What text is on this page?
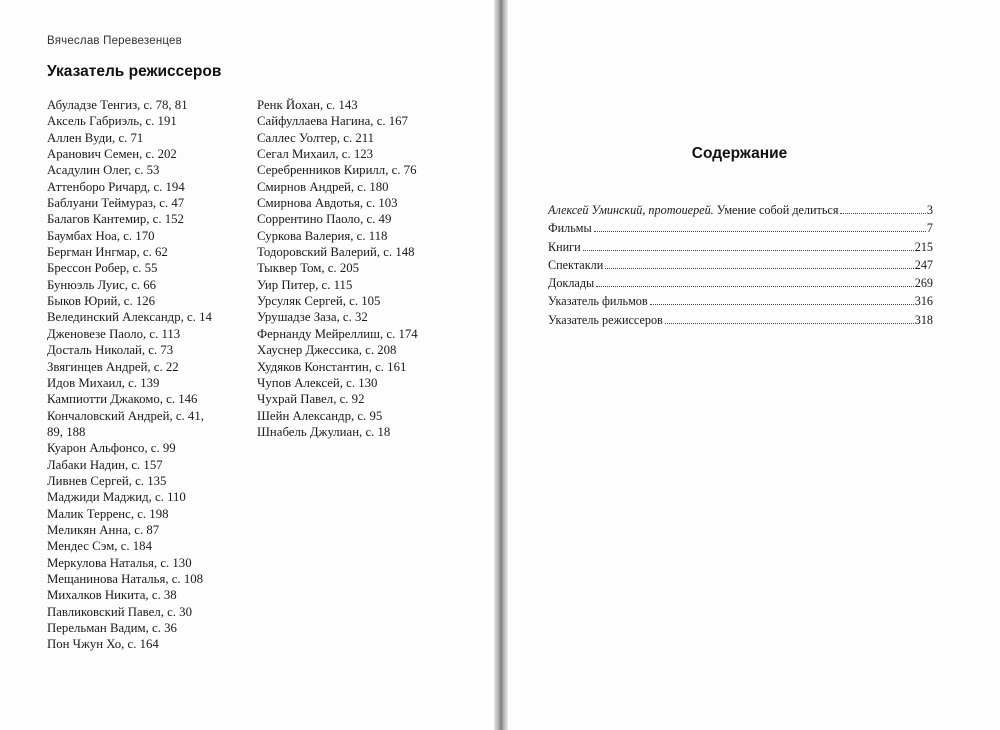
Вячеслав Перевезенцев
Указатель режиссеров
Абуладзе Тенгиз, с. 78, 81
Аксель Габриэль, с. 191
Аллен Вуди, с. 71
Аранович Семен, с. 202
Асадулин Олег, с. 53
Аттенборо Ричард, с. 194
Баблуани Теймураз, с. 47
Балагов Кантемир, с. 152
Баумбах Ноа, с. 170
Бергман Ингмар, с. 62
Брессон Робер, с. 55
Бунюэль Луис, с. 66
Быков Юрий, с. 126
Велединский Александр, с. 14
Дженовезе Паоло, с. 113
Досталь Николай, с. 73
Звягинцев Андрей, с. 22
Идов Михаил, с. 139
Кампиотти Джакомо, с. 146
Кончаловский Андрей, с. 41,
89, 188
Куарон Альфонсо, с. 99
Лабаки Надин, с. 157
Ливнев Сергей, с. 135
Маджиди Маджид, с. 110
Малик Терренс, с. 198
Меликян Анна, с. 87
Мендес Сэм, с. 184
Меркулова Наталья, с. 130
Мещанинова Наталья, с. 108
Михалков Никита, с. 38
Павликовский Павел, с. 30
Перельман Вадим, с. 36
Пон Чжун Хо, с. 164
Ренк Йохан, с. 143
Сайфуллаева Нагина, с. 167
Саллес Уолтер, с. 211
Сегал Михаил, с. 123
Серебренников Кирилл, с. 76
Смирнов Андрей, с. 180
Смирнова Авдотья, с. 103
Соррентино Паоло, с. 49
Суркова Валерия, с. 118
Тодоровский Валерий, с. 148
Тыквер Том, с. 205
Уир Питер, с. 115
Урсуляк Сергей, с. 105
Урушадзе Заза, с. 32
Фернанду Мейреллиш, с. 174
Хауснер Джессика, с. 208
Худяков Константин, с. 161
Чупов Алексей, с. 130
Чухрай Павел, с. 92
Шейн Александр, с. 95
Шнабель Джулиан, с. 18
Содержание
Алексей Уминский, протоиерей. Умение собой делиться	3
Фильмы	7
Книги	215
Спектакли	247
Доклады	269
Указатель фильмов	316
Указатель режиссеров	318
